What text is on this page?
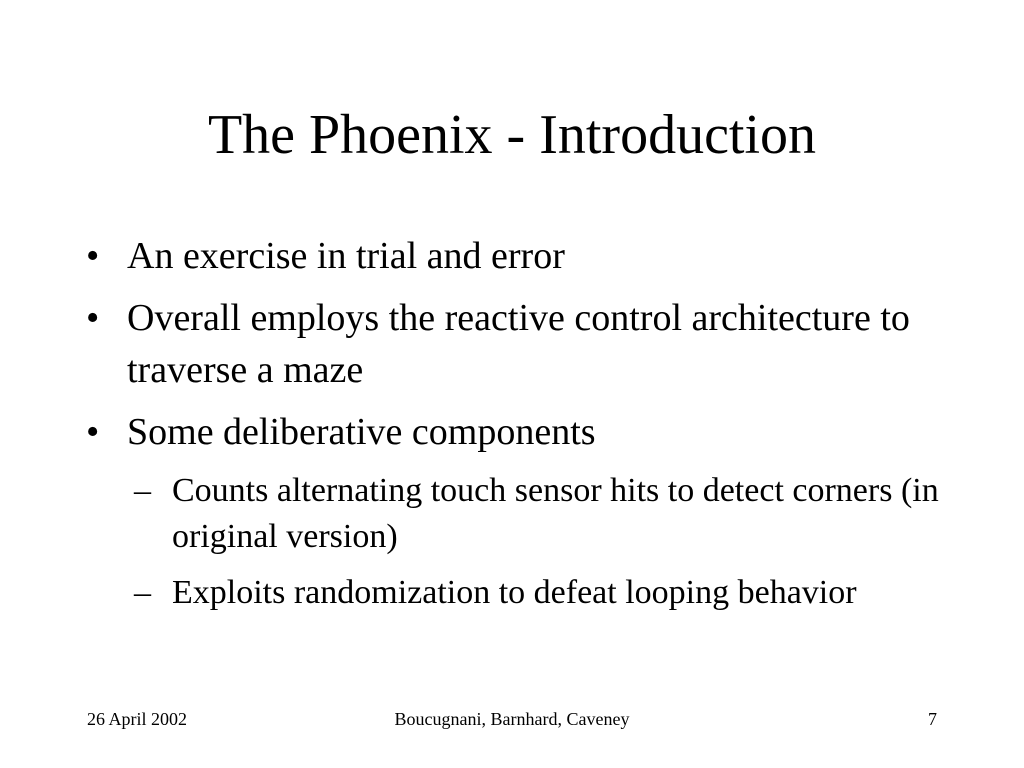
The Phoenix - Introduction
• An exercise in trial and error
• Overall employs the reactive control architecture to traverse a maze
• Some deliberative components
– Counts alternating touch sensor hits to detect corners (in original version)
– Exploits randomization to defeat looping behavior
Boucugnani, Barnhard, Caveney
26 April 2002	7
